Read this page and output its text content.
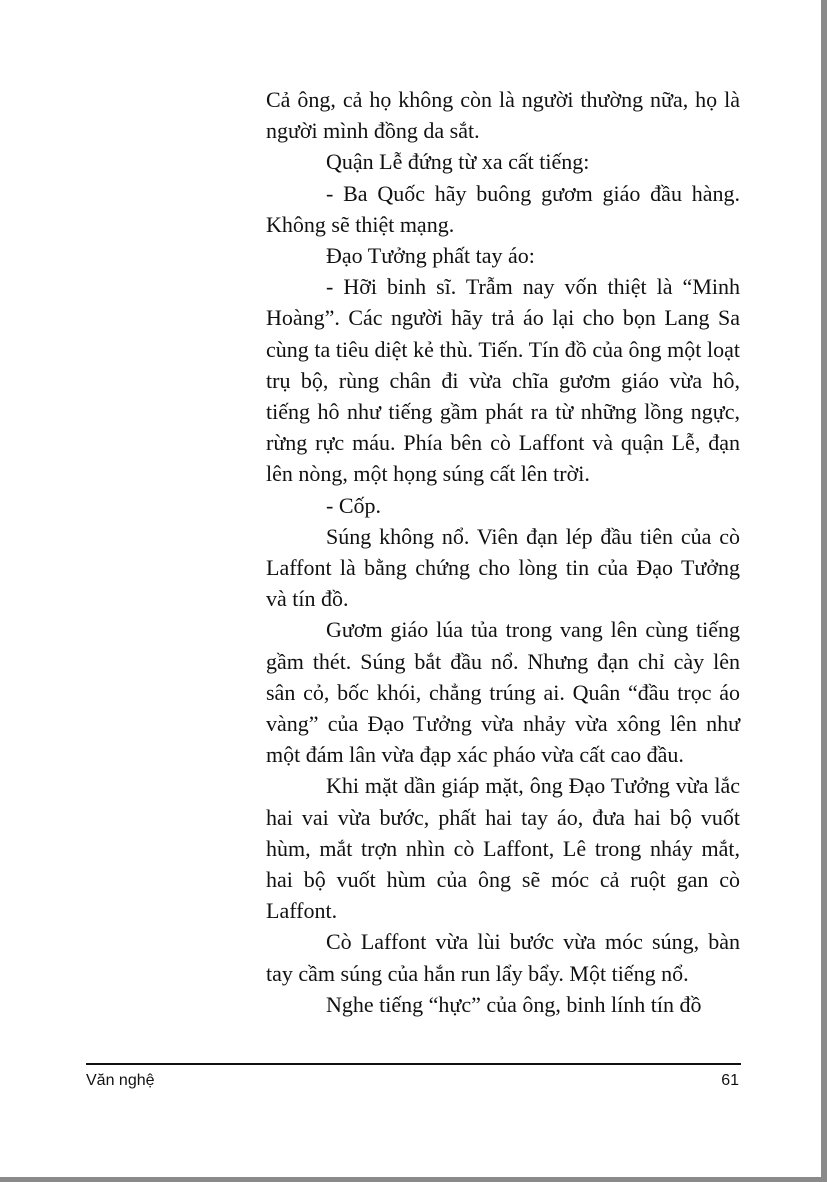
Cả ông, cả họ không còn là người thường nữa, họ là người mình đồng da sắt.

Quận Lễ đứng từ xa cất tiếng:

- Ba Quốc hãy buông gươm giáo đầu hàng. Không sẽ thiệt mạng.

Đạo Tưởng phất tay áo:

- Hỡi binh sĩ. Trẫm nay vốn thiệt là “Minh Hoàng”. Các người hãy trả áo lại cho bọn Lang Sa cùng ta tiêu diệt kẻ thù. Tiến. Tín đồ của ông một loạt trụ bộ, rùng chân đi vừa chĩa gươm giáo vừa hô, tiếng hô như tiếng gầm phát ra từ những lồng ngực, rừng rực máu. Phía bên cò Laffont và quận Lễ, đạn lên nòng, một họng súng cất lên trời.

- Cốp.

Súng không nổ. Viên đạn lép đầu tiên của cò Laffont là bằng chứng cho lòng tin của Đạo Tưởng và tín đồ.

Gươm giáo lúa tủa trong vang lên cùng tiếng gầm thét. Súng bắt đầu nổ. Nhưng đạn chỉ cày lên sân cỏ, bốc khói, chẳng trúng ai. Quân “đầu trọc áo vàng” của Đạo Tưởng vừa nhảy vừa xông lên như một đám lân vừa đạp xác pháo vừa cất cao đầu.

Khi mặt dần giáp mặt, ông Đạo Tưởng vừa lắc hai vai vừa bước, phất hai tay áo, đưa hai bộ vuốt hùm, mắt trợn nhìn cò Laffont, Lê trong nháy mắt, hai bộ vuốt hùm của ông sẽ móc cả ruột gan cò Laffont.

Cò Laffont vừa lùi bước vừa móc súng, bàn tay cầm súng của hắn run lẩy bẩy. Một tiếng nổ.

Nghe tiếng “hực” của ông, binh lính tín đồ

Văn nghệ	61
